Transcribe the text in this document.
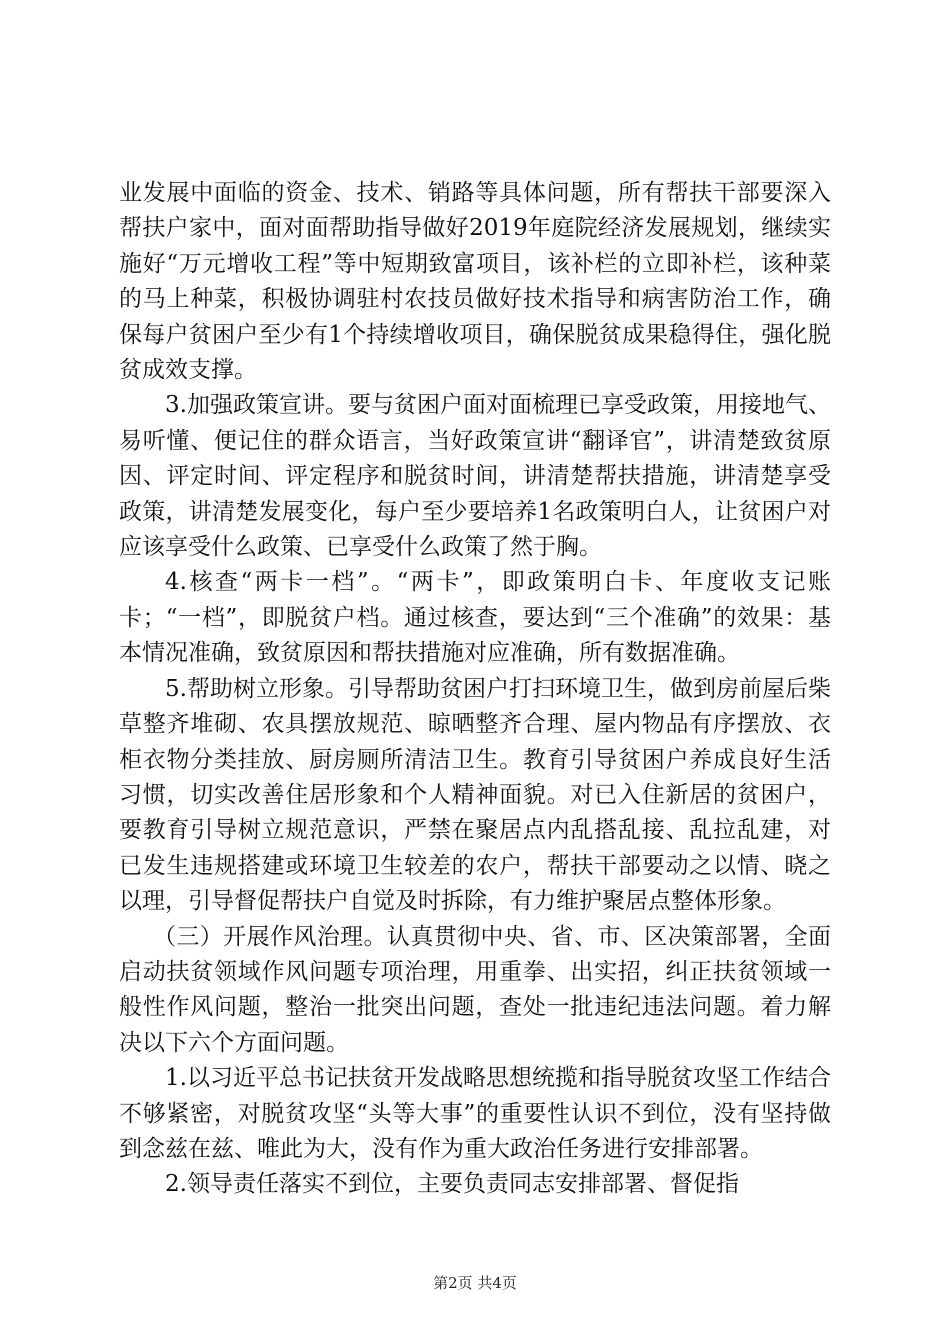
业发展中面临的资金、技术、销路等具体问题，所有帮扶干部要深入帮扶户家中，面对面帮助指导做好2019年庭院经济发展规划，继续实施好“万元增收工程”等中短期致富项目，该补栏的立即补栏，该种菜的马上种菜，积极协调驻村农技员做好技术指导和病害防治工作，确保每户贫困户至少有1个持续增收项目，确保脱贫成果稳得住，强化脱贫成效支撑。

3.加强政策宣讲。要与贫困户面对面梳理已享受政策，用接地气、易听懂、便记住的群众语言，当好政策宣讲“翻译官”，讲清楚致贫原因、评定时间、评定程序和脱贫时间，讲清楚帮扶措施，讲清楚享受政策，讲清楚发展变化，每户至少要培养1名政策明白人，让贫困户对应该享受什么政策、已享受什么政策了然于胸。

4.核查“两卡一档”。“两卡”，即政策明白卡、年度收支记账卡；“一档”，即脱贫户档。通过核查，要达到“三个准确”的效果：基本情况准确，致贫原因和帮扶措施对应准确，所有数据准确。

5.帮助树立形象。引导帮助贫困户打扫环境卫生，做到房前屋后柴草整齐堆砌、农具摆放规范、晾晒整齐合理、屋内物品有序摆放、衣柜衣物分类挂放、厨房厕所清洁卫生。教育引导贫困户养成良好生活习惯，切实改善住居形象和个人精神面貌。对已入住新居的贫困户，要教育引导树立规范意识，严禁在聚居点内乱搭乱接、乱拉乱建，对已发生违规搭建或环境卫生较差的农户，帮扶干部要动之以情、晓之以理，引导督促帮扶户自觉及时拆除，有力维护聚居点整体形象。

（三）开展作风治理。认真贯彻中央、省、市、区决策部署，全面启动扶贫领域作风问题专项治理，用重拳、出实招，纠正扶贫领域一般性作风问题，整治一批突出问题，查处一批违纪违法问题。着力解决以下六个方面问题。

1.以习近平总书记扶贫开发战略思想统揽和指导脱贫攻坚工作结合不够紧密，对脱贫攻坚“头等大事”的重要性认识不到位，没有坚持做到念兹在兹、唯此为大，没有作为重大政治任务进行安排部署。

2.领导责任落实不到位，主要负责同志安排部署、督促指

第2页 共4页
